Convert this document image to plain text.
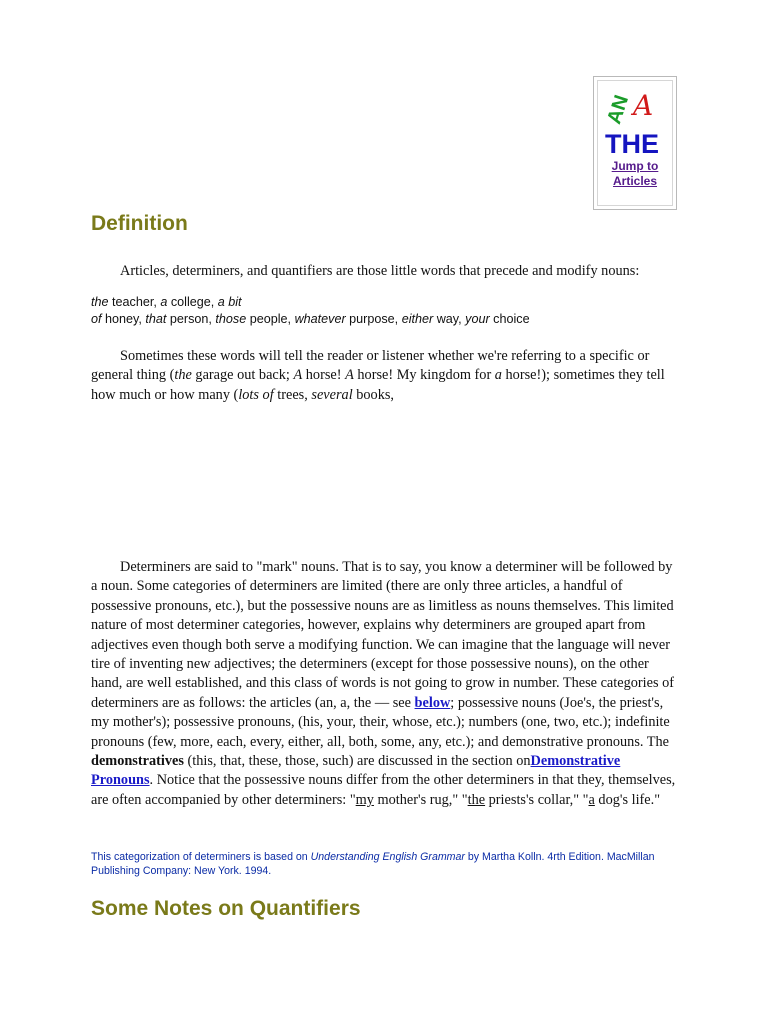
AN A
THE
Jump to
Articles
Definition

Articles, determiners, and quantifiers are those little words that precede and modify nouns:

the teacher, a college, a bit
of honey, that person, those people, whatever purpose, either way, your choice

Sometimes these words will tell the reader or listener whether we're referring to a specific or general thing (the garage out back; A horse! A horse! My kingdom for a horse!); sometimes they tell how much or how many (lots of trees, several books,

Determiners are said to "mark" nouns. That is to say, you know a determiner will be followed by a noun. Some categories of determiners are limited (there are only three articles, a handful of possessive pronouns, etc.), but the possessive nouns are as limitless as nouns themselves. This limited nature of most determiner categories, however, explains why determiners are grouped apart from adjectives even though both serve a modifying function. We can imagine that the language will never tire of inventing new adjectives; the determiners (except for those possessive nouns), on the other hand, are well established, and this class of words is not going to grow in number. These categories of determiners are as follows: the articles (an, a, the — see below; possessive nouns (Joe's, the priest's, my mother's); possessive pronouns, (his, your, their, whose, etc.); numbers (one, two, etc.); indefinite pronouns (few, more, each, every, either, all, both, some, any, etc.); and demonstrative pronouns. The demonstratives (this, that, these, those, such) are discussed in the section onDemonstrative Pronouns. Notice that the possessive nouns differ from the other determiners in that they, themselves, are often accompanied by other determiners: "my mother's rug," "the priests's collar," "a dog's life."

This categorization of determiners is based on Understanding English Grammar by Martha Kolln. 4rth Edition. MacMillan Publishing Company: New York. 1994.

Some Notes on Quantifiers
